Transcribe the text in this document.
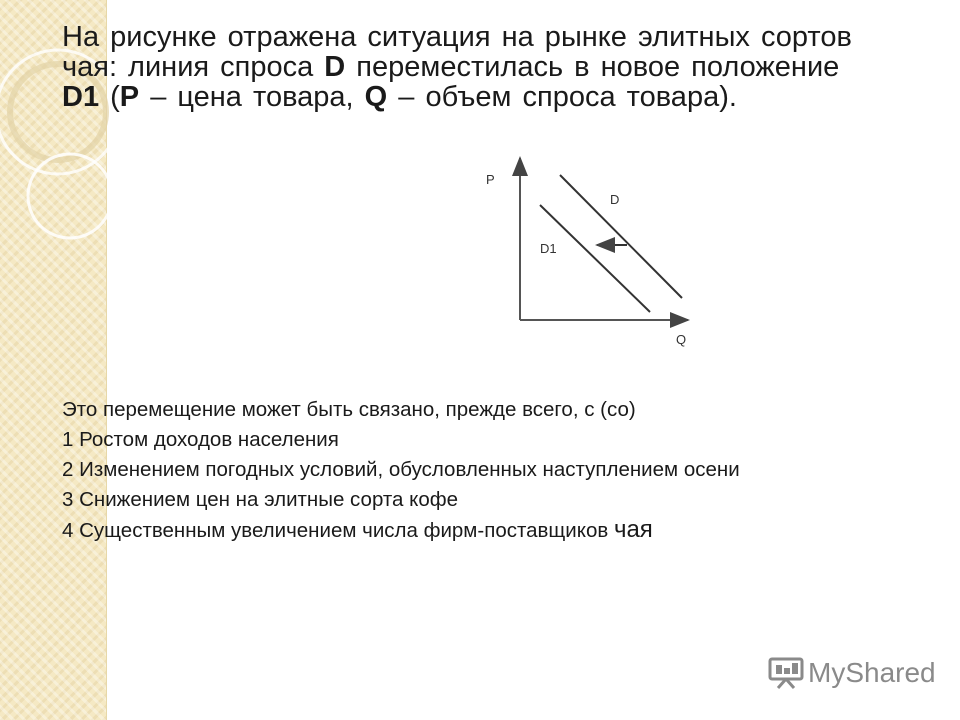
На рисунке отражена ситуация на рынке элитных сортов чая: линия спроса D переместилась в новое положение D1 (P – цена товара, Q – объем спроса товара).
P
Q
D
D1

Это перемещение может быть связано, прежде всего, с (со)

1 Ростом доходов населения

2 Изменением погодных условий, обусловленных наступлением осени

3 Снижением цен на элитные сорта кофе

4 Существенным увеличением числа фирм-поставщиков чая

MyShared
